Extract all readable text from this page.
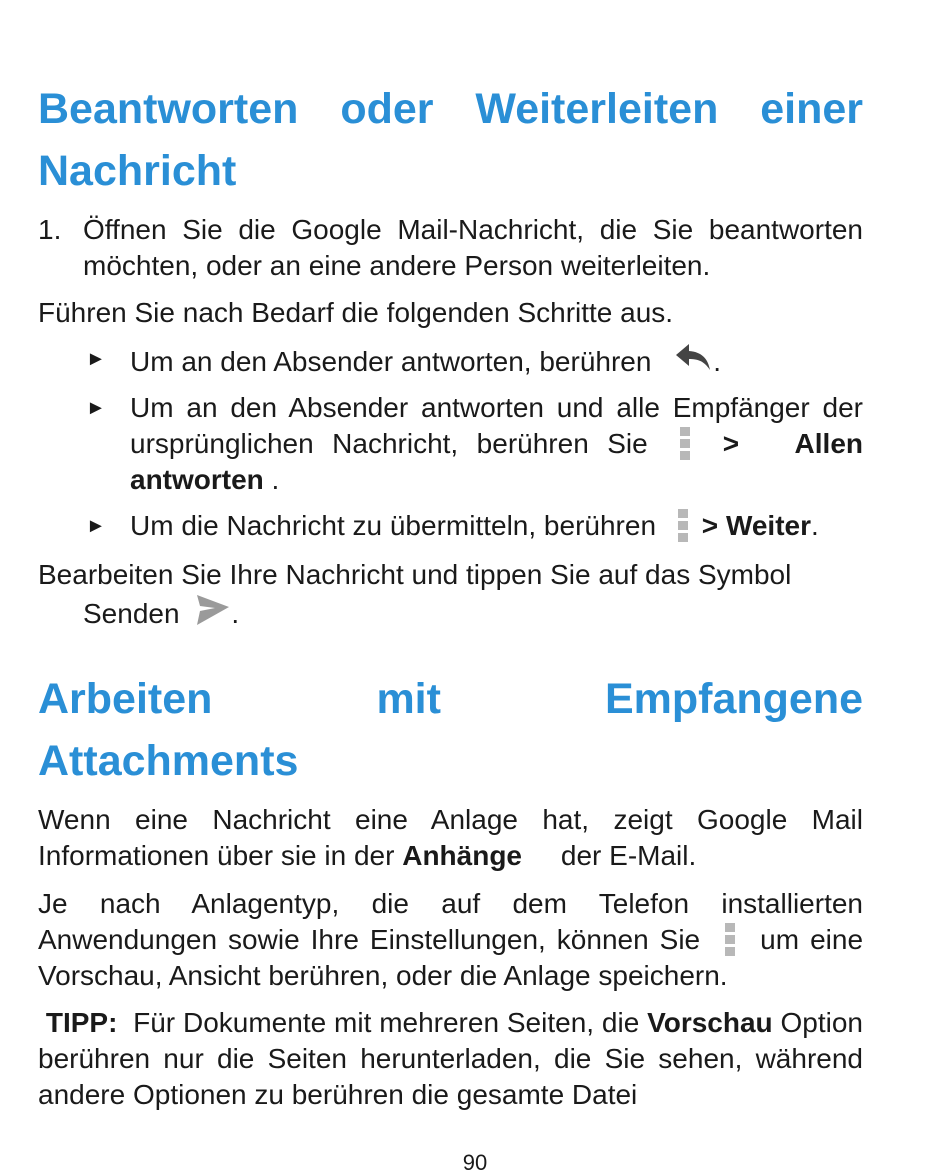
Beantworten oder Weiterleiten einer
Nachricht
1. Öffnen Sie die Google Mail-Nachricht, die Sie beantworten möchten, oder an eine andere Person weiterleiten.

Führen Sie nach Bedarf die folgenden Schritte aus.

► Um an den Absender antworten, berühren .

► Um an den Absender antworten und alle Empfänger der ursprünglichen Nachricht, berühren Sie	> Allen antworten .

► Um die Nachricht zu übermitteln, berühren > Weiter.

Bearbeiten Sie Ihre Nachricht und tippen Sie auf das Symbol

Senden .

Arbeiten	mit	Empfangene
Attachments

Wenn eine Nachricht eine Anlage hat, zeigt Google Mail Informationen über sie in der Anhänge     der E-Mail.

Je nach Anlagentyp, die auf dem Telefon installierten Anwendungen sowie Ihre Einstellungen, können Sie um eine Vorschau, Ansicht berühren, oder die Anlage speichern.

TIPP:  Für Dokumente mit mehreren Seiten, die Vorschau Option berühren nur die Seiten herunterladen, die Sie sehen, während andere Optionen zu berühren die gesamte Datei

90
